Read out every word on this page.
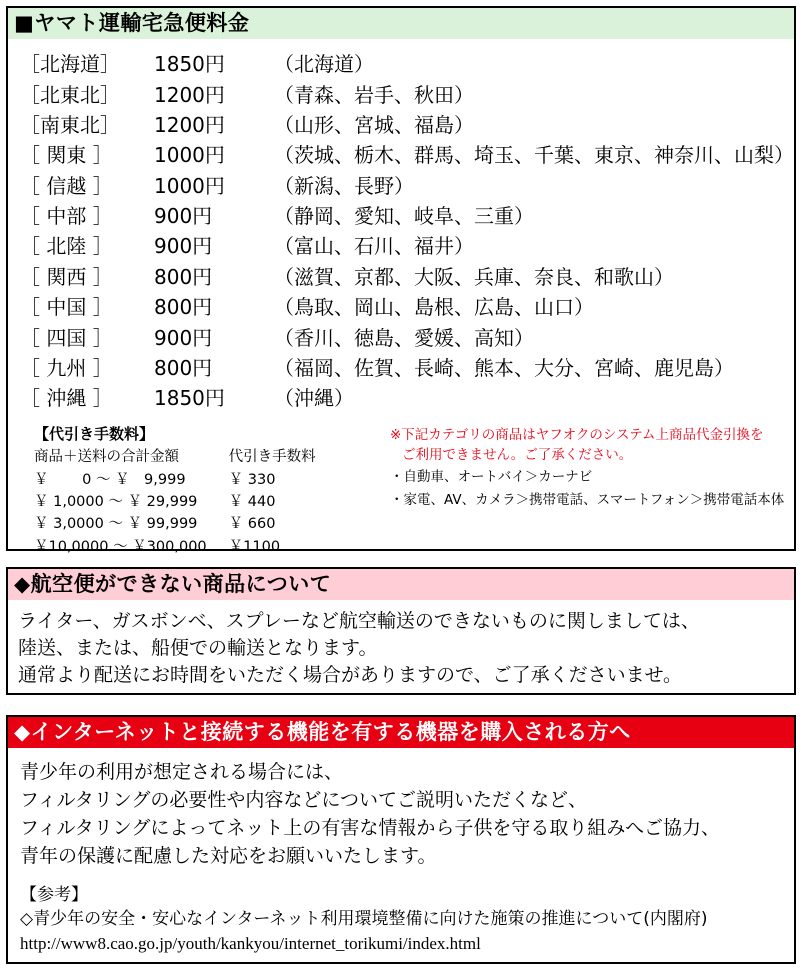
■ヤマト運輸宅急便料金
［北海道］	1850円	（北海道）
［北東北］	1200円	（青森、岩手、秋田）
［南東北］	1200円	（山形、宮城、福島）
［ 関東 ］	1000円	（茨城、栃木、群馬、埼玉、千葉、東京、神奈川、山梨）
［ 信越 ］	1000円	（新潟、長野）
［ 中部 ］	900円	（静岡、愛知、岐阜、三重）
［ 北陸 ］	900円	（富山、石川、福井）
［ 関西 ］	800円	（滋賀、京都、大阪、兵庫、奈良、和歌山）
［ 中国 ］	800円	（鳥取、岡山、島根、広島、山口）
［ 四国 ］	900円	（香川、徳島、愛媛、高知）
［ 九州 ］	800円	（福岡、佐賀、長崎、熊本、大分、宮崎、鹿児島）
［ 沖縄 ］	1850円	（沖縄）
【代引き手数料】
商品＋送料の合計金額	代引き手数料
￥　　 0 ～ ￥　9,999	￥ 330
￥ 1,0000 ～ ￥ 29,999	￥ 440
￥ 3,0000 ～ ￥ 99,999	￥ 660
￥10,0000 ～ ￥300,000	￥1100
※下記カテゴリの商品はヤフオクのシステム上商品代金引換を
ご利用できません。ご了承ください。
・自動車、オートバイ＞カーナビ
・家電、AV、カメラ＞携帯電話、スマートフォン＞携帯電話本体
◆航空便ができない商品について
ライター、ガスボンベ、スプレーなど航空輸送のできないものに関しましては、
陸送、または、船便での輸送となります。
通常より配送にお時間をいただく場合がありますので、ご了承くださいませ。
◆インターネットと接続する機能を有する機器を購入される方へ
青少年の利用が想定される場合には、
フィルタリングの必要性や内容などについてご説明いただくなど、
フィルタリングによってネット上の有害な情報から子供を守る取り組みへご協力、
青年の保護に配慮した対応をお願いいたします。
【参考】
◇青少年の安全・安心なインターネット利用環境整備に向けた施策の推進について(内閣府)
http://www8.cao.go.jp/youth/kankyou/internet_torikumi/index.html
